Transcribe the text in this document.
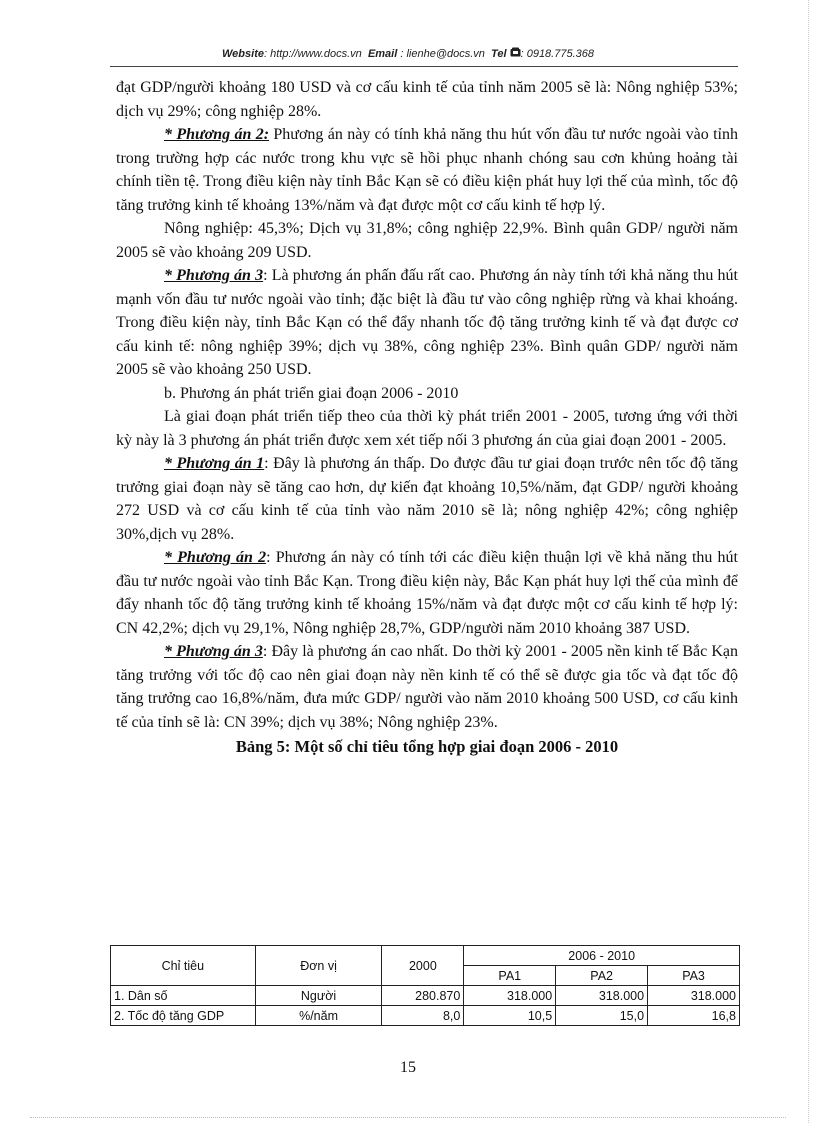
Website: http://www.docs.vn Email : lienhe@docs.vn Tel : 0918.775.368

đạt GDP/người khoảng 180 USD và cơ cấu kinh tế của tỉnh năm 2005 sẽ là: Nông nghiệp 53%; dịch vụ 29%; công nghiệp 28%.

* Phương án 2: Phương án này có tính khả năng thu hút vốn đầu tư nước ngoài vào tỉnh trong trường hợp các nước trong khu vực sẽ hồi phục nhanh chóng sau cơn khủng hoảng tài chính tiền tệ. Trong điều kiện này tỉnh Bắc Kạn sẽ có điều kiện phát huy lợi thế của mình, tốc độ tăng trưởng kinh tế khoảng 13%/năm và đạt được một cơ cấu kinh tế hợp lý.

Nông nghiệp: 45,3%; Dịch vụ 31,8%; công nghiệp 22,9%. Bình quân GDP/ người năm 2005 sẽ vào khoảng 209 USD.

* Phương án 3: Là phương án phấn đấu rất cao. Phương án này tính tới khả năng thu hút mạnh vốn đầu tư nước ngoài vào tỉnh; đặc biệt là đầu tư vào công nghiệp rừng và khai khoáng. Trong điều kiện này, tỉnh Bắc Kạn có thể đẩy nhanh tốc độ tăng trưởng kinh tế và đạt được cơ cấu kinh tế: nông nghiệp 39%; dịch vụ 38%, công nghiệp 23%. Bình quân GDP/ người năm 2005 sẽ vào khoảng 250 USD.

b. Phương án phát triển giai đoạn 2006 - 2010

Là giai đoạn phát triển tiếp theo của thời kỳ phát triển 2001 - 2005, tương ứng với thời kỳ này là 3 phương án phát triển được xem xét tiếp nối 3 phương án của giai đoạn 2001 - 2005.

* Phương án 1: Đây là phương án thấp. Do được đầu tư giai đoạn trước nên tốc độ tăng trưởng giai đoạn này sẽ tăng cao hơn, dự kiến đạt khoảng 10,5%/năm, đạt GDP/ người khoảng 272 USD và cơ cấu kinh tế của tỉnh vào năm 2010 sẽ là; nông nghiệp 42%; công nghiệp 30%,dịch vụ 28%.

* Phương án 2: Phương án này có tính tới các điều kiện thuận lợi về khả năng thu hút đầu tư nước ngoài vào tỉnh Bắc Kạn. Trong điều kiện này, Bắc Kạn phát huy lợi thế của mình để đẩy nhanh tốc độ tăng trưởng kinh tế khoảng 15%/năm và đạt được một cơ cấu kinh tế hợp lý: CN 42,2%; dịch vụ 29,1%, Nông nghiệp 28,7%, GDP/người năm 2010 khoảng 387 USD.

* Phương án 3: Đây là phương án cao nhất. Do thời kỳ 2001 - 2005 nền kinh tế Bắc Kạn tăng trưởng với tốc độ cao nên giai đoạn này nền kinh tế có thể sẽ được gia tốc và đạt tốc độ tăng trưởng cao 16,8%/năm, đưa mức GDP/ người vào năm 2010 khoảng 500 USD, cơ cấu kinh tế của tỉnh sẽ là: CN 39%; dịch vụ 38%; Nông nghiệp 23%.

Bảng 5: Một số chỉ tiêu tổng hợp giai đoạn 2006 - 2010

Chỉ tiêu	Đơn vị	2000	2006 - 2010		
			PA1	PA2	PA3
1. Dân số	Người	280.870	318.000	318.000	318.000
2. Tốc độ tăng GDP	%/năm	8,0	10,5	15,0	16,8
15
